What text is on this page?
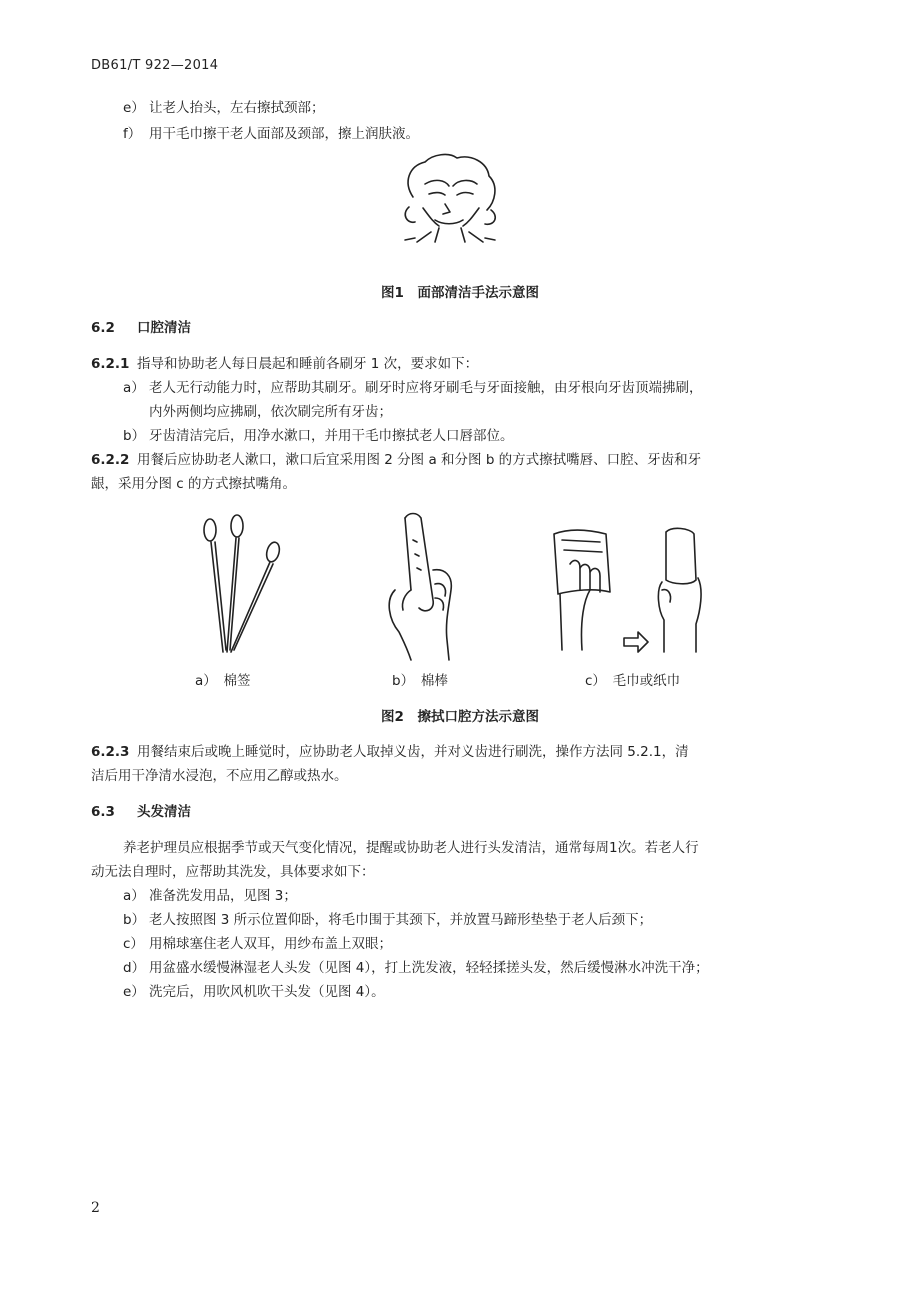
DB61/T 922—2014
e） 让老人抬头，左右擦拭颈部；
f） 用干毛巾擦干老人面部及颈部，擦上润肤液。
图1　面部清洁手法示意图
6.2 口腔清洁
6.2.1 指导和协助老人每日晨起和睡前各刷牙 1 次，要求如下：
a） 老人无行动能力时，应帮助其刷牙。刷牙时应将牙刷毛与牙面接触，由牙根向牙齿顶端拂刷，
内外两侧均应拂刷，依次刷完所有牙齿；
b） 牙齿清洁完后，用净水漱口，并用干毛巾擦拭老人口唇部位。
6.2.2 用餐后应协助老人漱口，漱口后宜采用图 2 分图 a 和分图 b 的方式擦拭嘴唇、口腔、牙齿和牙
龈，采用分图 c 的方式擦拭嘴角。
a）　棉签	b）　棉棒	c）　毛巾或纸巾
图2　擦拭口腔方法示意图
6.2.3 用餐结束后或晚上睡觉时，应协助老人取掉义齿，并对义齿进行刷洗，操作方法同 5.2.1，清
洁后用干净清水浸泡，不应用乙醇或热水。
6.3 头发清洁
养老护理员应根据季节或天气变化情况，提醒或协助老人进行头发清洁，通常每周1次。若老人行
动无法自理时，应帮助其洗发，具体要求如下：
a） 准备洗发用品，见图 3；
b） 老人按照图 3 所示位置仰卧，将毛巾围于其颈下，并放置马蹄形垫垫于老人后颈下；
c） 用棉球塞住老人双耳，用纱布盖上双眼；
d） 用盆盛水缓慢淋湿老人头发（见图 4），打上洗发液，轻轻揉搓头发，然后缓慢淋水冲洗干净；
e） 洗完后，用吹风机吹干头发（见图 4）。
2
